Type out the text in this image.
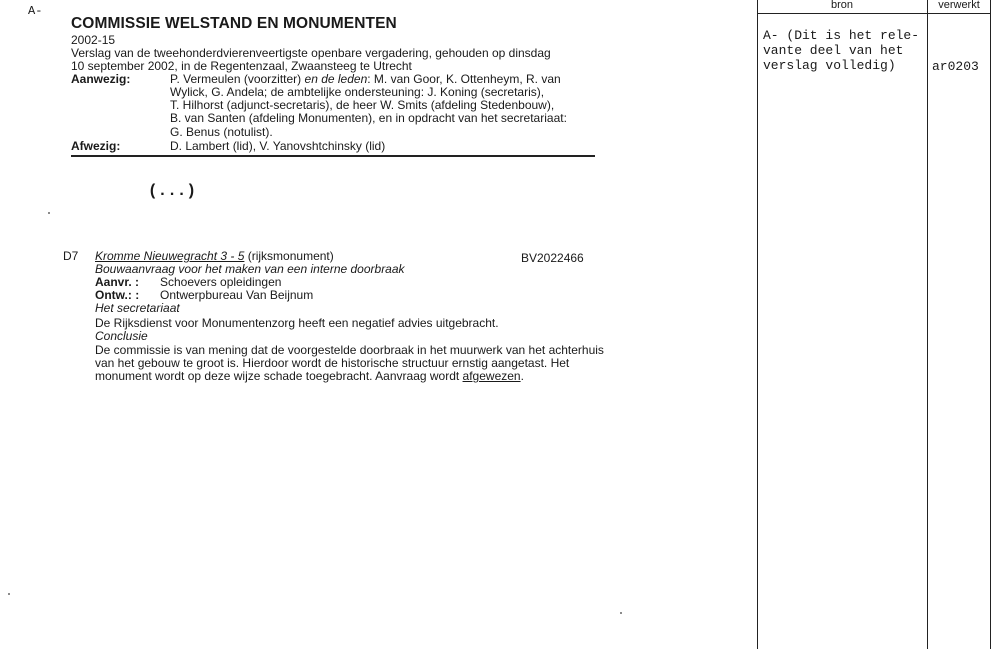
A-
COMMISSIE WELSTAND EN MONUMENTEN
2002-15
Verslag van de tweehonderdvierenveertigste openbare vergadering, gehouden op dinsdag
10 september 2002, in de Regentenzaal, Zwaansteeg te Utrecht
Aanwezig:	P. Vermeulen (voorzitter) en de leden: M. van Goor, K. Ottenheym, R. van
Wylick, G. Andela; de ambtelijke ondersteuning: J. Koning (secretaris),
T. Hilhorst (adjunct-secretaris), de heer W. Smits (afdeling Stedenbouw),
B. van Santen (afdeling Monumenten), en in opdracht van het secretariaat:
G. Benus (notulist).
Afwezig:	D. Lambert (lid), V. Yanovshtchinsky (lid)
(...)
D7 Kromme Nieuwegracht 3 - 5 (rijksmonument)	BV2022466
Bouwaanvraag voor het maken van een interne doorbraak
Aanvr. : Schoevers opleidingen
Ontw.: : Ontwerpbureau Van Beijnum
Het secretariaat
De Rijksdienst voor Monumentenzorg heeft een negatief advies uitgebracht.
Conclusie
De commissie is van mening dat de voorgestelde doorbraak in het muurwerk van het achterhuis
van het gebouw te groot is. Hierdoor wordt de historische structuur ernstig aangetast. Het
monument wordt op deze wijze schade toegebracht. Aanvraag wordt afgewezen.
bron	verwerkt
A- (Dit is het rele-
vante deel van het
verslag volledig)	ar0203
